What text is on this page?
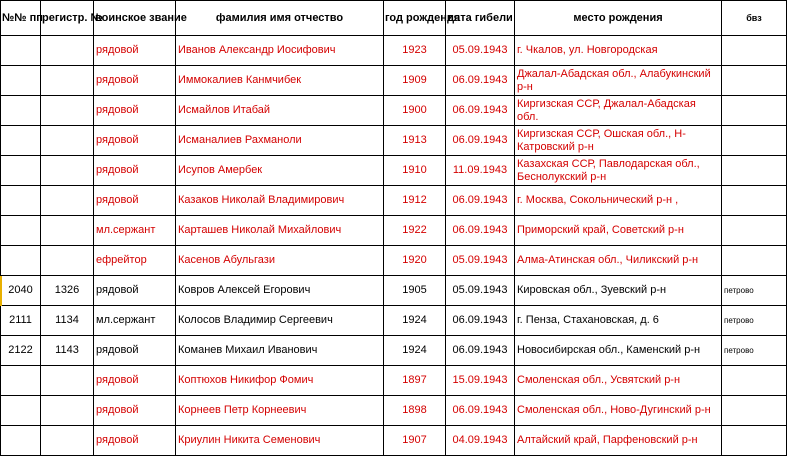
№№ пп	регистр. №	воинское звание	фамилия имя отчество	год рождения	дата гибели	место рождения	бвз
		рядовой	Иванов Александр Иосифович	1923	05.09.1943	г. Чкалов, ул. Новгородская	
		рядовой	Иммокалиев Канмчибек	1909	06.09.1943	Джалал-Абадская обл., Алабукинский р-н	
		рядовой	Исмайлов Итабай	1900	06.09.1943	Киргизская ССР, Джалал-Абадская обл.	
		рядовой	Исманалиев Рахманоли	1913	06.09.1943	Киргизская ССР, Ошская обл., Н-Катровский р-н	
		рядовой	Исупов Амербек	1910	11.09.1943	Казахская ССР, Павлодарская обл., Беснолукский р-н	
		рядовой	Казаков Николай Владимирович	1912	06.09.1943	г. Москва, Сокольнический р-н ,	
		мл.сержант	Карташев Николай Михайлович	1922	06.09.1943	Приморский край, Советский р-н	
		ефрейтор	Касенов Абульгази	1920	05.09.1943	Алма-Атинская обл., Чиликский р-н	
2040	1326	рядовой	Ковров Алексей Егорович	1905	05.09.1943	Кировская обл., Зуевский р-н	петрово
2111	1134	мл.сержант	Колосов Владимир Сергеевич	1924	06.09.1943	г. Пенза, Стахановская, д. 6	петрово
2122	1143	рядовой	Команев Михаил Иванович	1924	06.09.1943	Новосибирская обл., Каменский р-н	петрово
		рядовой	Коптюхов Никифор Фомич	1897	15.09.1943	Смоленская обл., Усвятский р-н	
		рядовой	Корнеев Петр Корнеевич	1898	06.09.1943	Смоленская обл., Ново-Дугинский р-н	
		рядовой	Криулин Никита Семенович	1907	04.09.1943	Алтайский край, Парфеновский р-н	
